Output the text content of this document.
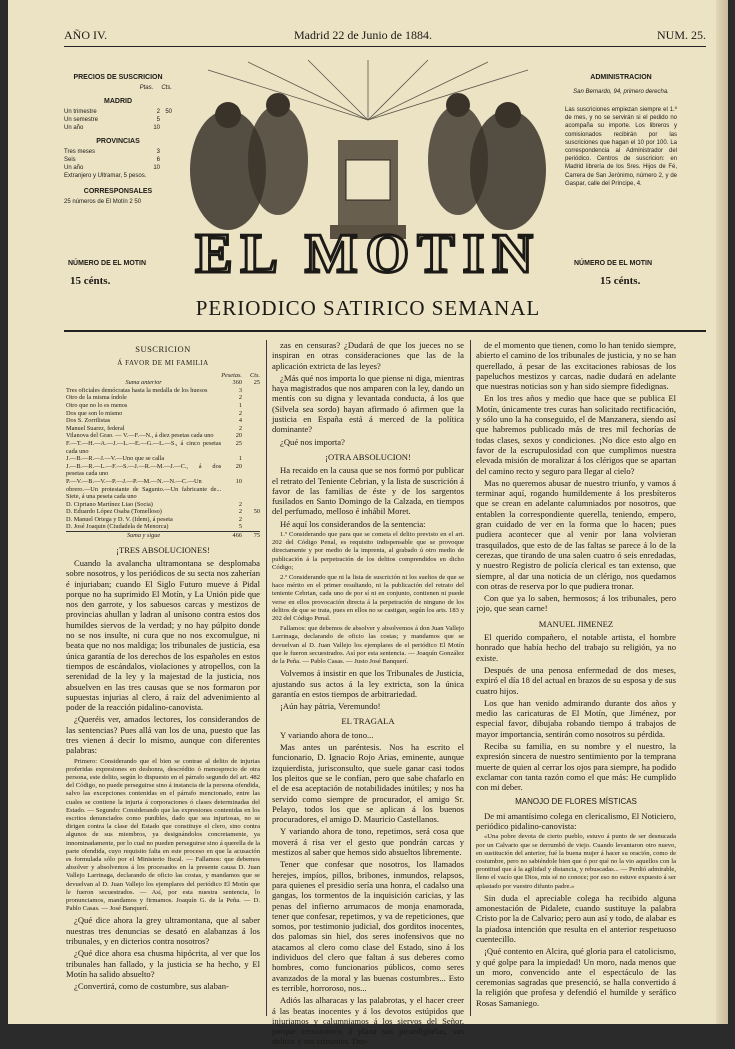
AÑO IV.	Madrid 22 de Junio de 1884.	NUM. 25.
PRECIOS DE SUSCRICION
Ptas. Cts.
MADRID
Un trimestre	2 50
Un semestre	5
Un año	10
PROVINCIAS
Tres meses	3
Seis	6
Un año	10
Extranjero y Ultramar, 5 pesos.
CORRESPONSALES
25 números de El Motín 2 50
ADMINISTRACION
San Bernardo, 94, primero derecha.
Las suscriciones empiezan siempre el 1.º de mes, y no se servirán si el pedido no acompaña su importe. Los libreros y comisionados recibirán por las suscriciones que hagan el 10 por 100. La correspondencia al Administrador del periódico. Centros de suscricion: en Madrid librería de los Sres. Hijos de Fé, Carrera de San Jerónimo, número 2, y de Gaspar, calle del Príncipe, 4.
NÚMERO DE EL MOTIN
15 cénts.
NÚMERO DE EL MOTIN
15 cénts.
EL MOTIN
PERIODICO SATIRICO SEMANAL
SUSCRICION
Á FAVOR DE MI FAMILIA
	Pesetas.	Cts.
Suma anterior	360	25
Tres oficiales demócratas hasta la medalla de los huesos	3	
Otro de la misma índole	2	
Otro que no lo es menos	1	
Dos que son lo mismo	2	
Dos S. Zorrilistas	4	
Manuel Suarez, federal	2	
Vilanova del Grao. — V.—F.—N., á diez pesetas cada uno	20	
F.—T.—H.—A.—J.—L.—E.—G.—L.—S., á cinco pesetas cada uno	25	
J.—B.—R.—J.—V.—Uno que se calla	1	
J.—B.—R.—L.—F.—S.—J.—R.—M.—J.—C., á dos pesetas cada uno	20	
P.—V.—B.—V.—P.—J.—P.—M.—N.—N.—C.—Un obrero.—Un protestante de Sagunto.—Un fabricante de... Siete, á una peseta cada uno	10	
D. Cipriano Martínez Liao (Socia)	2	
D. Eduardo López Osaba (Tomelloso)	2	50
D. Manuel Ortega y D. V. (Idem), á peseta	2	
D. José Joaquin (Ciudadela de Menorca)	5	
Suma y sigue	466	75
¡TRES ABSOLUCIONES!

Cuando la avalancha ultramontana se desplomaba sobre nosotros, y los periódicos de su secta nos zaherían é injuriaban; cuando El Siglo Futuro mueve á Pidal porque no ha suprimido El Motín, y La Unión pide que nos den garrote, y los sabuesos carcas y mestizos de provincias ahullan y ladran al unísono contra estos dos humildes siervos de la verdad; y no hay púlpito donde no se nos insulte, ni cura que no nos excomulgue, ni beata que no nos maldiga; los tribunales de justicia, esa única garantía de los derechos de los españoles en estos tiempos de escándalos, violaciones y atropellos, con la serenidad de la ley y la majestad de la justicia, nos absuelven en las tres causas que se nos formaron por supuestas injurias al clero, á raíz del advenimiento al poder de la reacción pidalino-canovista.

¿Queréis ver, amados lectores, los considerandos de las sentencias? Pues allá van los de una, puesto que las tres vienen á decir lo mismo, aunque con diferentes palabras:

Primero: Considerando que el bien se contrae al delito de injurias proferidas expresiones en deshonra, descrédito ó menosprecio de otra persona, este delito, según lo dispuesto en el párrafo segundo del art. 482 del Código, no puede perseguirse sino á instancia de la persona ofendida, salvo las excepciones contenidas en el párrafo mencionado, entre las cuales se contiene la injuria á corporaciones ó clases determinadas del Estado. — Segundo: Considerando que las expresiones contenidas en los escritos denunciados como punibles, dado que sea injuriosas, no se dirigen contra la clase del Estado que constituye el clero, sino contra algunos de sus miembros, ya designándolos concretamente, ya innominadamente, por lo cual no pueden perseguirse sino á querella de la parte ofendida, cuyo requisito falta en este proceso en que la acusación es formulada sólo por el Ministerio fiscal. — Fallamos: que debemos absolver y absolvemos á los procesados en la presente causa D. Juan Vallejo Larrinaga, declarando de oficio las costas, y mandamos que se devuelvan al D. Juan Vallejo los ejemplares del periódico El Motín que le fueron secuestrados. — Así, por esta nuestra sentencia, lo pronunciamos, mandamos y firmamos. Joaquín G. de la Peña. — D. Pablo Casas. — José Banquerí.

¿Qué dice ahora la grey ultramontana, que al saber nuestras tres denuncias se desató en alabanzas á los tribunales, y en dicterios contra nosotros?

¿Qué dice ahora esa chusma hipócrita, al ver que los tribunales han fallado, y la justicia se ha hecho, y El Motín ha salido absuelto?

¿Convertirá, como de costumbre, sus alaban-

zas en censuras? ¿Dudará de que los jueces no se inspiran en otras consideraciones que las de la aplicación extricta de las leyes?

¿Más qué nos importa lo que piense ni diga, mientras haya magistrados que nos amparen con la ley, dando un mentís con su digna y levantada conducta, á los que (Silvela sea sordo) hayan afirmado ó afirmen que la justicia en España está á merced de la política dominante?

¿Qué nos importa?

¡OTRA ABSOLUCION!

Ha recaido en la causa que se nos formó por publicar el retrato del Teniente Cebrian, y la lista de suscrición á favor de las familias de éste y de los sargentos fusilados en Santo Domingo de la Calzada, en tiempos del perfumado, melloso é inhábil Moret.

Hé aquí los considerandos de la sentencia:

1.º Considerando que para que se cometa el delito previsto en el art. 202 del Código Penal, es requisito indispensable que se provoque directamente y por medio de la imprenta, al grabado ú otro medio de publicación á la perpetración de los delitos comprendidos en dicho Código;

2.º Considerando que ni la lista de suscrición ni los sueltos de que se hace mérito en el primer resultando, ni la publicación del retrato del teniente Cebrian, cada uno de por sí ni en conjunto, contienen ni puede verse en ellos provocación directa á la perpetración de ninguno de los delitos de que se trata, pues en ellos no se castigan, según los arts. 183 y 202 del Código Penal.

Fallamos: que debemos de absolver y absolvemos á don Juan Vallejo Larrinaga, declarando de oficio las costas; y mandamos que se devuelvan al D. Juan Vallejo los ejemplares de el periódico El Motín que le fueron secuestrados. Así por esta sentencia. — Joaquín González de la Peña. — Pablo Casas. — Justo José Banquerí.

Volvemos á insistir en que los Tribunales de Justicia, ajustando sus actos á la ley extricta, son la única garantía en estos tiempos de arbitrariedad.

¡Aún hay pátria, Veremundo!

EL TRAGALA

Y variando ahora de tono...

Mas antes un paréntesis. Nos ha escrito el funcionario, D. Ignacio Rojo Arias, eminente, aunque izquierdista, jurisconsulto, que suele ganar casi todos los pleitos que se le confían, pero que sabe chafarlo en el de esa aceptación de notabilidades inútiles; y nos ha servido como siempre de procurador, el amigo Sr. Pelayo, todos los que se aplican á los buenos procuradores, el amigo D. Mauricio Castellanos.

Y variando ahora de tono, repetimos, será cosa que moverá á risa ver el gesto que pondrán carcas y mestizos al saber que hemos sido absueltos libremente.

Tener que confesar que nosotros, los llamados herejes, impíos, pillos, bribones, inmundos, relapsos, para quienes el presidio sería una honra, el cadalso una gangas, los tormentos de la inquisición caricias, y las penas del infierno arrumacos de monja enamorada, tener que confesar, repetimos, y va de repeticiones, que somos, por testimonio judicial, dos gorditos inocentes, dos palomas sin hiel, dos seres inofensivos que no atacamos al clero como clase del Estado, sino á los individuos del clero que faltan á sus deberes como hombres, como funcionarios públicos, como seres avanzados de la moral y las buenas costumbres... Esto es terrible, horroroso, nos...

Adiós las alharacas y las palabrotas, y el hacer creer á las beatas inocentes y á los devotos estúpidos que injuriamos y calumniamos á los siervos del Señor, porque censuramos á plaza sus picardigüelas, sus delitos y sus crímenes. Des-

de el momento que tienen, como lo han tenido siempre, abierto el camino de los tribunales de justicia, y no se han querellado, á pesar de las excitaciones rabiosas de los papeluchos mestizos y carcas, nadie dudará en adelante que nuestras noticias son y han sido siempre fidedignas.

En los tres años y medio que hace que se publica El Motín, únicamente tres curas han solicitado rectificación, y sólo uno la ha conseguido, el de Manzanera, siendo así que habremos publicado más de tres mil fechorías de todas clases, sexos y condiciones. ¡No dice esto algo en favor de la escrupulosidad con que cumplimos nuestra elevada misión de moralizar á los clérigos que se apartan del camino recto y seguro para llegar al cielo?

Mas no queremos abusar de nuestro triunfo, y vamos á terminar aquí, rogando humildemente á los presbíteros que se crean en adelante calumniados por nosotros, que entablen la correspondiente querella, teniendo, empero, gran cuidado de ver en la forma que lo hacen; pues pudiera acontecer que al venir por lana volvieran trasquilados, que esto de de las faltas se parece á lo de la cerezas, que tirando de una salen cuatro ó seis enredadas, y nuestro Registro de policía clerical es tan extenso, que siempre, al dar una noticia de un clérigo, nos quedamos con otras de reserva por lo que pudiera tronar.

Con que ya lo saben, hermosos; á los tribunales, pero ¡ojo, que sean carne!

MANUEL JIMENEZ

El querido compañero, el notable artista, el hombre honrado que había hecho del trabajo su religión, ya no existe.

Después de una penosa enfermedad de dos meses, expiró el día 18 del actual en brazos de su esposa y de sus cuatro hijos.

Los que han venido admirando durante dos años y medio las caricaturas de El Motín, que Jiménez, por especial favor, dibujaba robando tiempo á trabajos de mayor importancia, sentirán como nosotros su pérdida.

Reciba su familia, en su nombre y el nuestro, la expresión sincera de nuestro sentimiento por la temprana muerte de quien al cerrar los ojos para siempre, ha podido exclamar con tanta razón como el que más: He cumplido con mi deber.

MANOJO DE FLORES MÍSTICAS

De mi amantísimo colega en clericalismo, El Noticiero, periódico pidalino-canovista:

«Una pobre devota de cierto pueblo, estuvo á punto de ser desnucada por un Calvario que se derrumbó de viejo. Cuando levantaron otro nuevo, en sustitución del anterior, fué la buena mujer á hacer su oración, como de costumbre, pero no sabiéndole bien que ó por qué no la vio aquellos con la prontitud que á la agilidad y distancia, y rebuscadas... — Perdió admirable, lleno el vacío que Dios, mis sé no conoce; por eso no estuve expuesto á ser aplastado por vuestro difunto padre.»

Sin duda el apreciable colega ha recibido alguna amonestación de Pidalete, cuando sustituye la palabra Cristo por la de Calvario; pero aun así y todo, de alabar es la piadosa intención que resulta en el anterior respetuoso cuentecillo.

¡Qué contento en Alcira, qué gloria para el catolicismo, y qué golpe para la impiedad! Un moro, nada menos que un moro, convencido ante el espectáculo de las ceremonias sagradas que presenció, se halla convertido á la religión que profesa y defendió el humilde y seráfico Rosas Samaniego.
